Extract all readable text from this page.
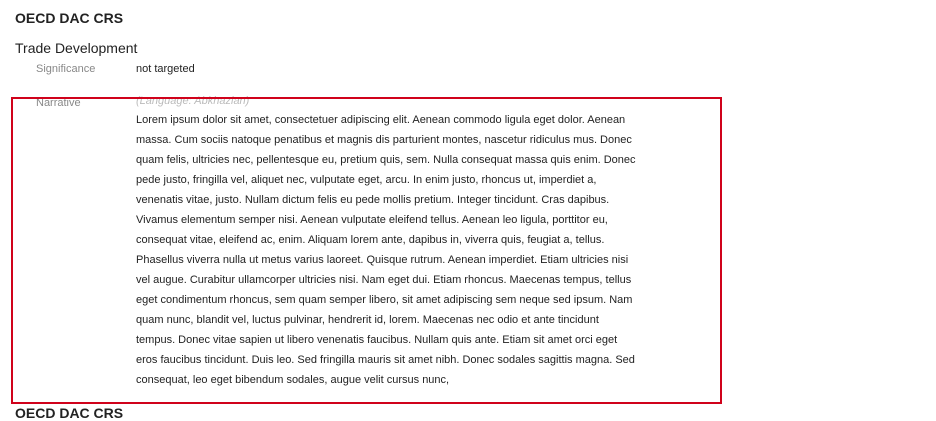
OECD DAC CRS
Trade Development
Significance	not targeted
Narrative	(Language: Abkhazian)
Lorem ipsum dolor sit amet, consectetuer adipiscing elit. Aenean commodo ligula eget dolor. Aenean massa. Cum sociis natoque penatibus et magnis dis parturient montes, nascetur ridiculus mus. Donec quam felis, ultricies nec, pellentesque eu, pretium quis, sem. Nulla consequat massa quis enim. Donec pede justo, fringilla vel, aliquet nec, vulputate eget, arcu. In enim justo, rhoncus ut, imperdiet a, venenatis vitae, justo. Nullam dictum felis eu pede mollis pretium. Integer tincidunt. Cras dapibus. Vivamus elementum semper nisi. Aenean vulputate eleifend tellus. Aenean leo ligula, porttitor eu, consequat vitae, eleifend ac, enim. Aliquam lorem ante, dapibus in, viverra quis, feugiat a, tellus. Phasellus viverra nulla ut metus varius laoreet. Quisque rutrum. Aenean imperdiet. Etiam ultricies nisi vel augue. Curabitur ullamcorper ultricies nisi. Nam eget dui. Etiam rhoncus. Maecenas tempus, tellus eget condimentum rhoncus, sem quam semper libero, sit amet adipiscing sem neque sed ipsum. Nam quam nunc, blandit vel, luctus pulvinar, hendrerit id, lorem. Maecenas nec odio et ante tincidunt tempus. Donec vitae sapien ut libero venenatis faucibus. Nullam quis ante. Etiam sit amet orci eget eros faucibus tincidunt. Duis leo. Sed fringilla mauris sit amet nibh. Donec sodales sagittis magna. Sed consequat, leo eget bibendum sodales, augue velit cursus nunc,
OECD DAC CRS
